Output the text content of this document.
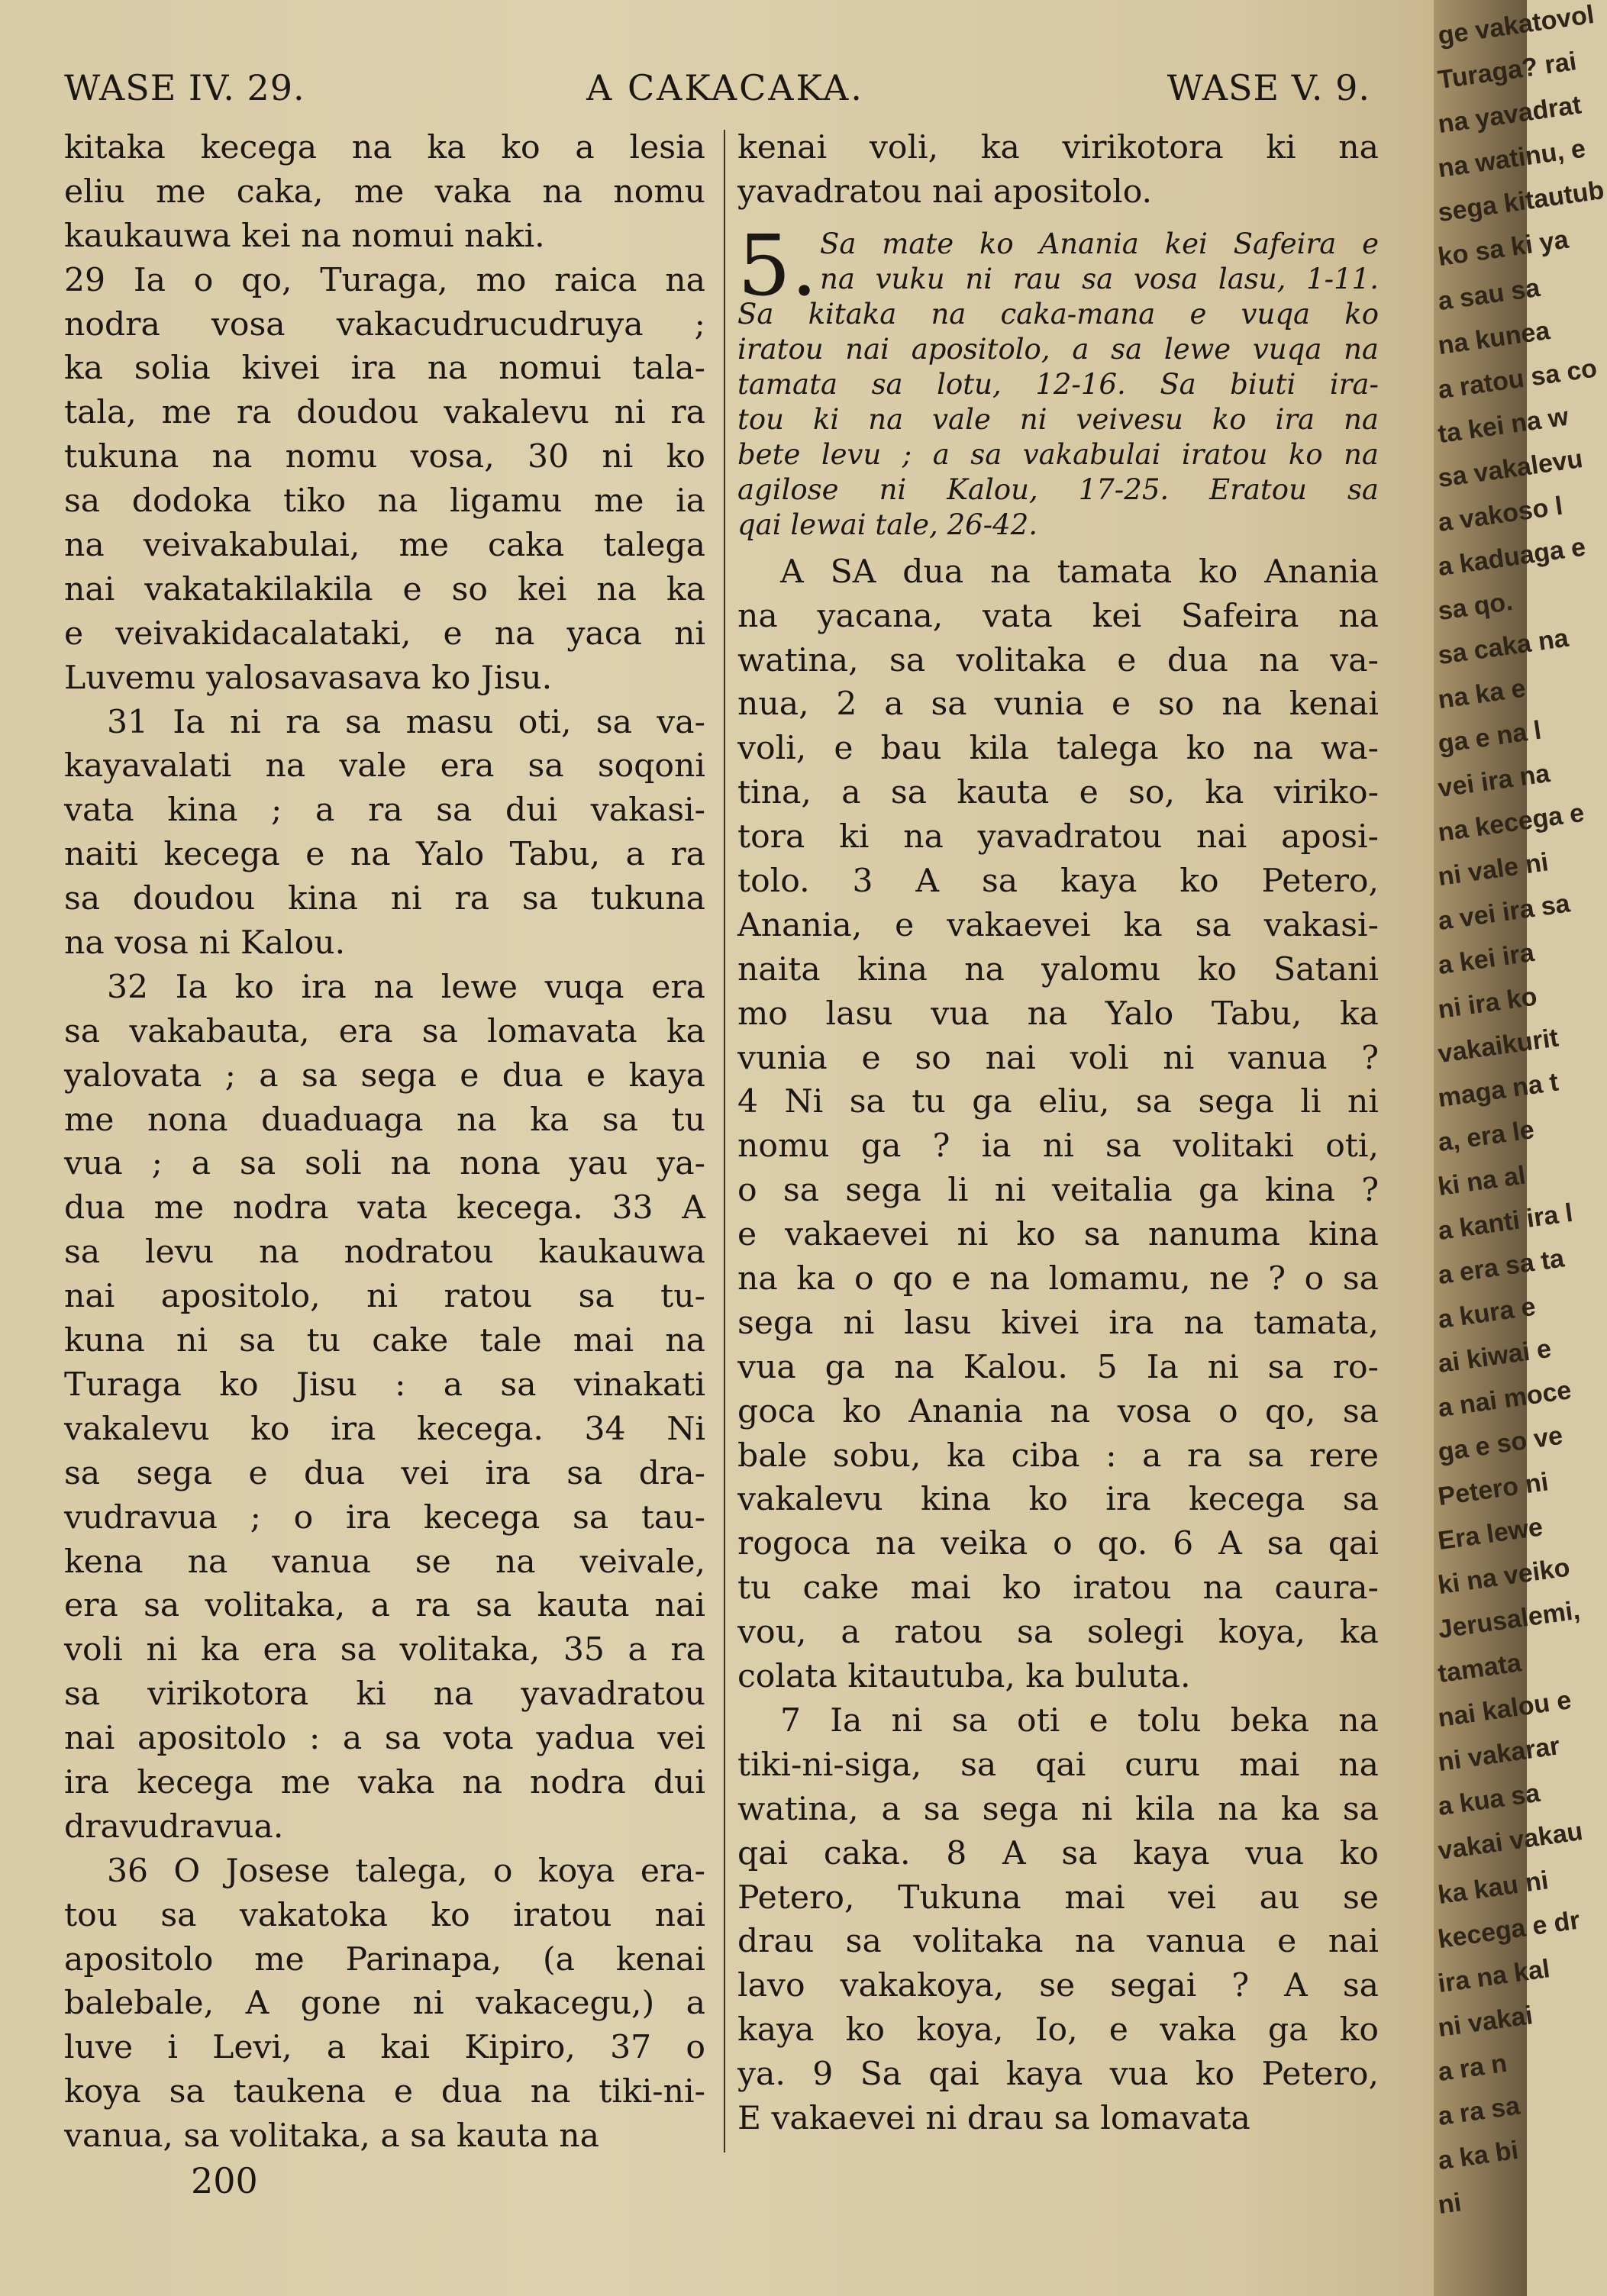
WASE IV. 29.	A CAKACAKA.	WASE V. 9.
kitaka kecega na ka ko a lesia
eliu me caka, me vaka na nomu
kaukauwa kei na nomui naki.
29 Ia o qo, Turaga, mo raica na
nodra vosa vakacudrucudruya ;
ka solia kivei ira na nomui tala-
tala, me ra doudou vakalevu ni ra
tukuna na nomu vosa, 30 ni ko
sa dodoka tiko na ligamu me ia
na veivakabulai, me caka talega
nai vakatakilakila e so kei na ka
e veivakidacalataki, e na yaca ni
Luvemu yalosavasava ko Jisu.
31 Ia ni ra sa masu oti, sa va-
kayavalati na vale era sa soqoni
vata kina ; a ra sa dui vakasi-
naiti kecega e na Yalo Tabu, a ra
sa doudou kina ni ra sa tukuna
na vosa ni Kalou.
32 Ia ko ira na lewe vuqa era
sa vakabauta, era sa lomavata ka
yalovata ; a sa sega e dua e kaya
me nona duaduaga na ka sa tu
vua ; a sa soli na nona yau ya-
dua me nodra vata kecega. 33 A
sa levu na nodratou kaukauwa
nai apositolo, ni ratou sa tu-
kuna ni sa tu cake tale mai na
Turaga ko Jisu : a sa vinakati
vakalevu ko ira kecega. 34 Ni
sa sega e dua vei ira sa dra-
vudravua ; o ira kecega sa tau-
kena na vanua se na veivale,
era sa volitaka, a ra sa kauta nai
voli ni ka era sa volitaka, 35 a ra
sa virikotora ki na yavadratou
nai apositolo : a sa vota yadua vei
ira kecega me vaka na nodra dui
dravudravua.
36 O Josese talega, o koya era-
tou sa vakatoka ko iratou nai
apositolo me Parinapa, (a kenai
balebale, A gone ni vakacegu,) a
luve i Levi, a kai Kipiro, 37 o
koya sa taukena e dua na tiki-ni-
vanua, sa volitaka, a sa kauta na
kenai voli, ka virikotora ki na
yavadratou nai apositolo.
5. Sa mate ko Anania kei Safeira e
na vuku ni rau sa vosa lasu, 1-11.
Sa kitaka na caka-mana e vuqa ko
iratou nai apositolo, a sa lewe vuqa na
tamata sa lotu, 12-16. Sa biuti ira-
tou ki na vale ni veivesu ko ira na
bete levu ; a sa vakabulai iratou ko na
agilose ni Kalou, 17-25. Eratou sa
qai lewai tale, 26-42.
A SA dua na tamata ko Anania
na yacana, vata kei Safeira na
watina, sa volitaka e dua na va-
nua, 2 a sa vunia e so na kenai
voli, e bau kila talega ko na wa-
tina, a sa kauta e so, ka viriko-
tora ki na yavadratou nai aposi-
tolo. 3 A sa kaya ko Petero,
Anania, e vakaevei ka sa vakasi-
naita kina na yalomu ko Satani
mo lasu vua na Yalo Tabu, ka
vunia e so nai voli ni vanua ?
4 Ni sa tu ga eliu, sa sega li ni
nomu ga ? ia ni sa volitaki oti,
o sa sega li ni veitalia ga kina ?
e vakaevei ni ko sa nanuma kina
na ka o qo e na lomamu, ne ? o sa
sega ni lasu kivei ira na tamata,
vua ga na Kalou. 5 Ia ni sa ro-
goca ko Anania na vosa o qo, sa
bale sobu, ka ciba : a ra sa rere
vakalevu kina ko ira kecega sa
rogoca na veika o qo. 6 A sa qai
tu cake mai ko iratou na caura-
vou, a ratou sa solegi koya, ka
colata kitautuba, ka buluta.
7 Ia ni sa oti e tolu beka na
tiki-ni-siga, sa qai curu mai na
watina, a sa sega ni kila na ka sa
qai caka. 8 A sa kaya vua ko
Petero, Tukuna mai vei au se
drau sa volitaka na vanua e nai
lavo vakakoya, se segai ? A sa
kaya ko koya, Io, e vaka ga ko
ya. 9 Sa qai kaya vua ko Petero,
E vakaevei ni drau sa lomavata
200
ge vakatovol
Turaga? rai
na yavadrat
na watinu, e
sega kitautub
ko sa ki ya
a sau sa
na kunea
a ratou sa co
ta kei na w
sa vakalevu
a vakoso l
a kaduaga e
sa qo.
sa caka na
na ka e
ga e na l
vei ira na
na kecega e
ni vale ni
a vei ira sa
a kei ira
ni ira ko
vakaikurit
maga na t
a, era le
ki na al
a kanti ira l
a era sa ta
a kura e
ai kiwai e
a nai moce
ga e so ve
Petero ni
Era lewe
ki na veiko
Jerusalemi,
tamata
nai kalou e
ni vakarar
a kua sa
vakai vakau
ka kau ni
kecega e dr
ira na kal
ni vakai
a ra n
a ra sa
a ka bi
ni
